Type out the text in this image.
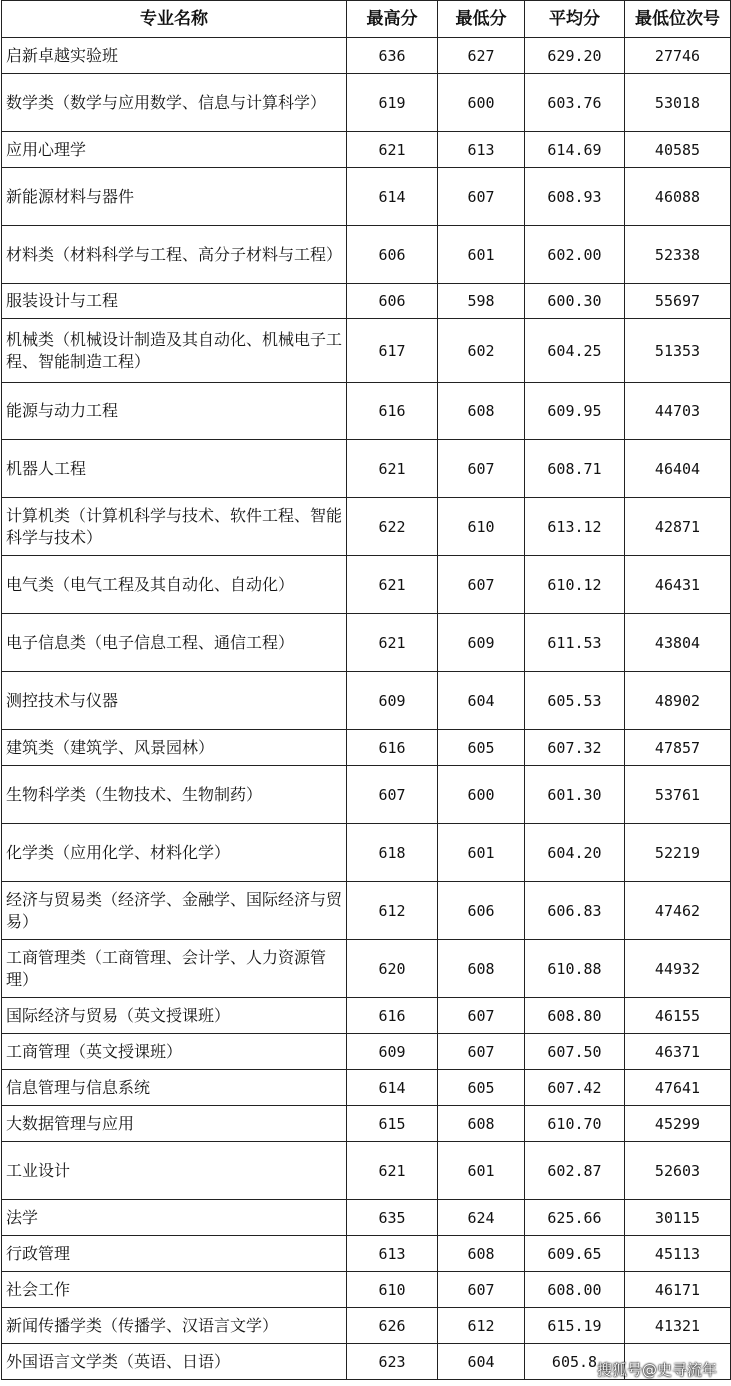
专业名称	最高分	最低分	平均分	最低位次号
启新卓越实验班	636	627	629.20	27746
数学类（数学与应用数学、信息与计算科学）	619	600	603.76	53018
应用心理学	621	613	614.69	40585
新能源材料与器件	614	607	608.93	46088
材料类（材料科学与工程、高分子材料与工程）	606	601	602.00	52338
服装设计与工程	606	598	600.30	55697
机械类（机械设计制造及其自动化、机械电子工程、智能制造工程）	617	602	604.25	51353
能源与动力工程	616	608	609.95	44703
机器人工程	621	607	608.71	46404
计算机类（计算机科学与技术、软件工程、智能科学与技术）	622	610	613.12	42871
电气类（电气工程及其自动化、自动化）	621	607	610.12	46431
电子信息类（电子信息工程、通信工程）	621	609	611.53	43804
测控技术与仪器	609	604	605.53	48902
建筑类（建筑学、风景园林）	616	605	607.32	47857
生物科学类（生物技术、生物制药）	607	600	601.30	53761
化学类（应用化学、材料化学）	618	601	604.20	52219
经济与贸易类（经济学、金融学、国际经济与贸易）	612	606	606.83	47462
工商管理类（工商管理、会计学、人力资源管理）	620	608	610.88	44932
国际经济与贸易（英文授课班）	616	607	608.80	46155
工商管理（英文授课班）	609	607	607.50	46371
信息管理与信息系统	614	605	607.42	47641
大数据管理与应用	615	608	610.70	45299
工业设计	621	601	602.87	52603
法学	635	624	625.66	30115
行政管理	613	608	609.65	45113
社会工作	610	607	608.00	46171
新闻传播学类（传播学、汉语言文学）	626	612	615.19	41321
外国语言文学类（英语、日语）	623	604	605.8	搜狐号@史寻流年
